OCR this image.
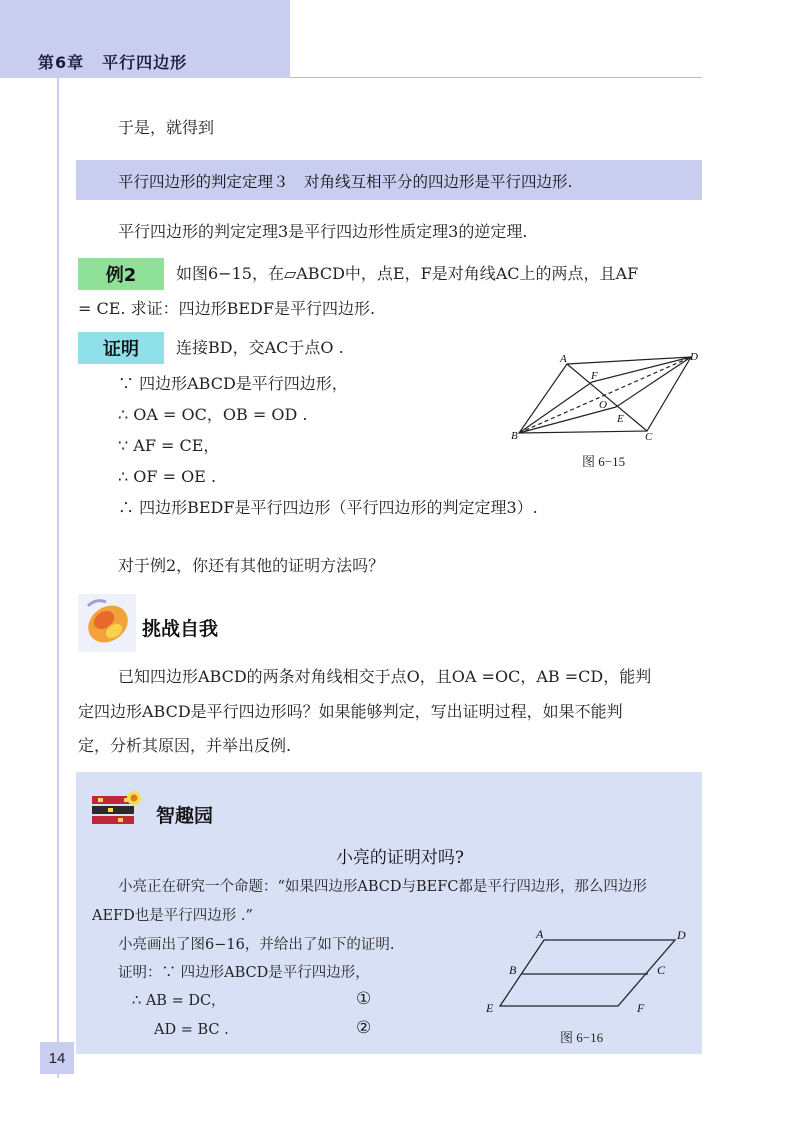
第6章 平行四边形
于是，就得到
平行四边形的判定定理３　对角线互相平分的四边形是平行四边形.
平行四边形的判定定理3是平行四边形性质定理3的逆定理.
例2	如图6−15，在▱ABCD中，点E，F是对角线AC上的两点，且AF
= CE. 求证：四边形BEDF是平行四边形.
证明	连接BD，交AC于点O .
∵ 四边形ABCD是平行四边形，
∴ OA = OC，OB = OD .
∵ AF = CE，
∴ OF = OE .
∴ 四边形BEDF是平行四边形（平行四边形的判定定理3）.
A	D
B	C
F
O
E
图 6−15
对于例2，你还有其他的证明方法吗？
挑战自我
已知四边形ABCD的两条对角线相交于点O，且OA =OC，AB =CD，能判
定四边形ABCD是平行四边形吗？如果能够判定，写出证明过程，如果不能判
定，分析其原因，并举出反例.
智趣园
小亮的证明对吗?
小亮正在研究一个命题：“如果四边形ABCD与BEFC都是平行四边形，那么四边形
AEFD也是平行四边形 .”
小亮画出了图6−16，并给出了如下的证明.
证明：∵ 四边形ABCD是平行四边形，
∴ AB = DC，	①
AD = BC .	②
A	D
B	C
E	F
图 6−16
14
